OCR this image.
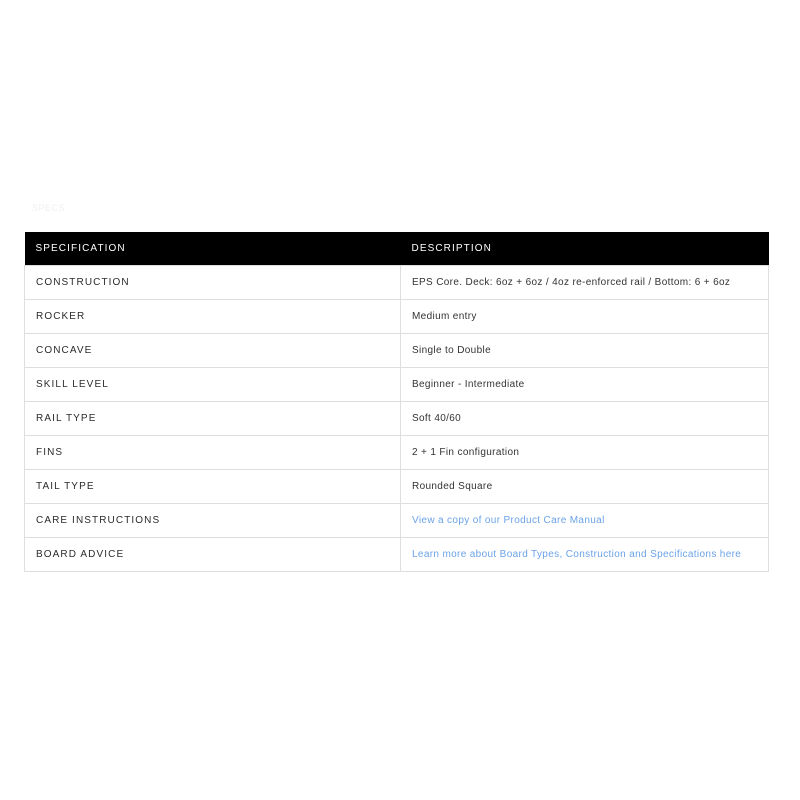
SPECS
SPECIFICATION	DESCRIPTION
CONSTRUCTION	EPS Core. Deck: 6oz + 6oz / 4oz re-enforced rail / Bottom: 6 + 6oz
ROCKER	Medium entry
CONCAVE	Single to Double
SKILL LEVEL	Beginner - Intermediate
RAIL TYPE	Soft 40/60
FINS	2 + 1 Fin configuration
TAIL TYPE	Rounded Square
CARE INSTRUCTIONS	View a copy of our Product Care Manual
BOARD ADVICE	Learn more about Board Types, Construction and Specifications here
